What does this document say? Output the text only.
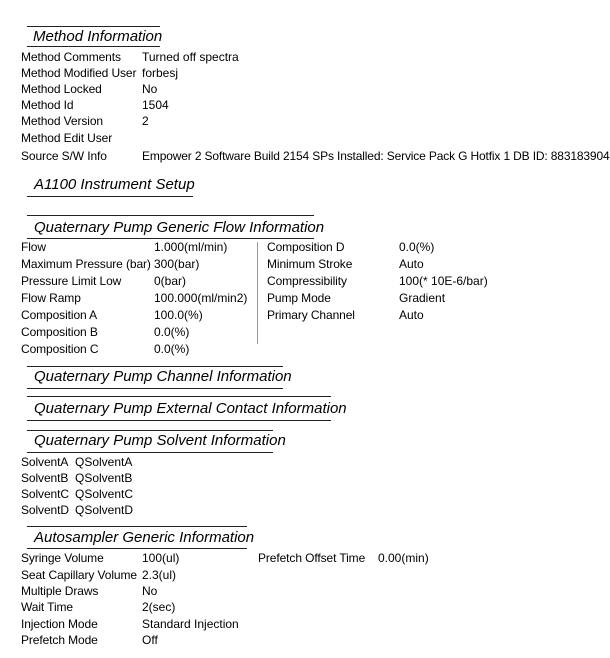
Method Information
Method Comments Turned off spectra
Method Modified User forbesj
Method Locked	No
Method Id	1504
Method Version	2
Method Edit User
Source S/W Info	Empower 2 Software Build 2154 SPs Installed: Service Pack G Hotfix 1 DB ID: 883183904
A1100 Instrument Setup
Quaternary Pump Generic Flow Information
Flow	1.000(ml/min)
Maximum Pressure (bar) 300(bar)
Pressure Limit Low	0(bar)
Flow Ramp	100.000(ml/min2)
Composition A	100.0(%)
Composition B	0.0(%)
Composition C	0.0(%)
Composition D	0.0(%)
Minimum Stroke	Auto
Compressibility	100(* 10E-6/bar)
Pump Mode	Gradient
Primary Channel	Auto
Quaternary Pump Channel Information
Quaternary Pump External Contact Information
Quaternary Pump Solvent Information
SolventA QSolventA
SolventB QSolventB
SolventC QSolventC
SolventD QSolventD
Autosampler Generic Information
Syringe Volume	100(ul)
Seat Capillary Volume 2.3(ul)
Multiple Draws	No
Wait Time	2(sec)
Injection Mode	Standard Injection
Prefetch Mode	Off
Prefetch Offset Time 0.00(min)
